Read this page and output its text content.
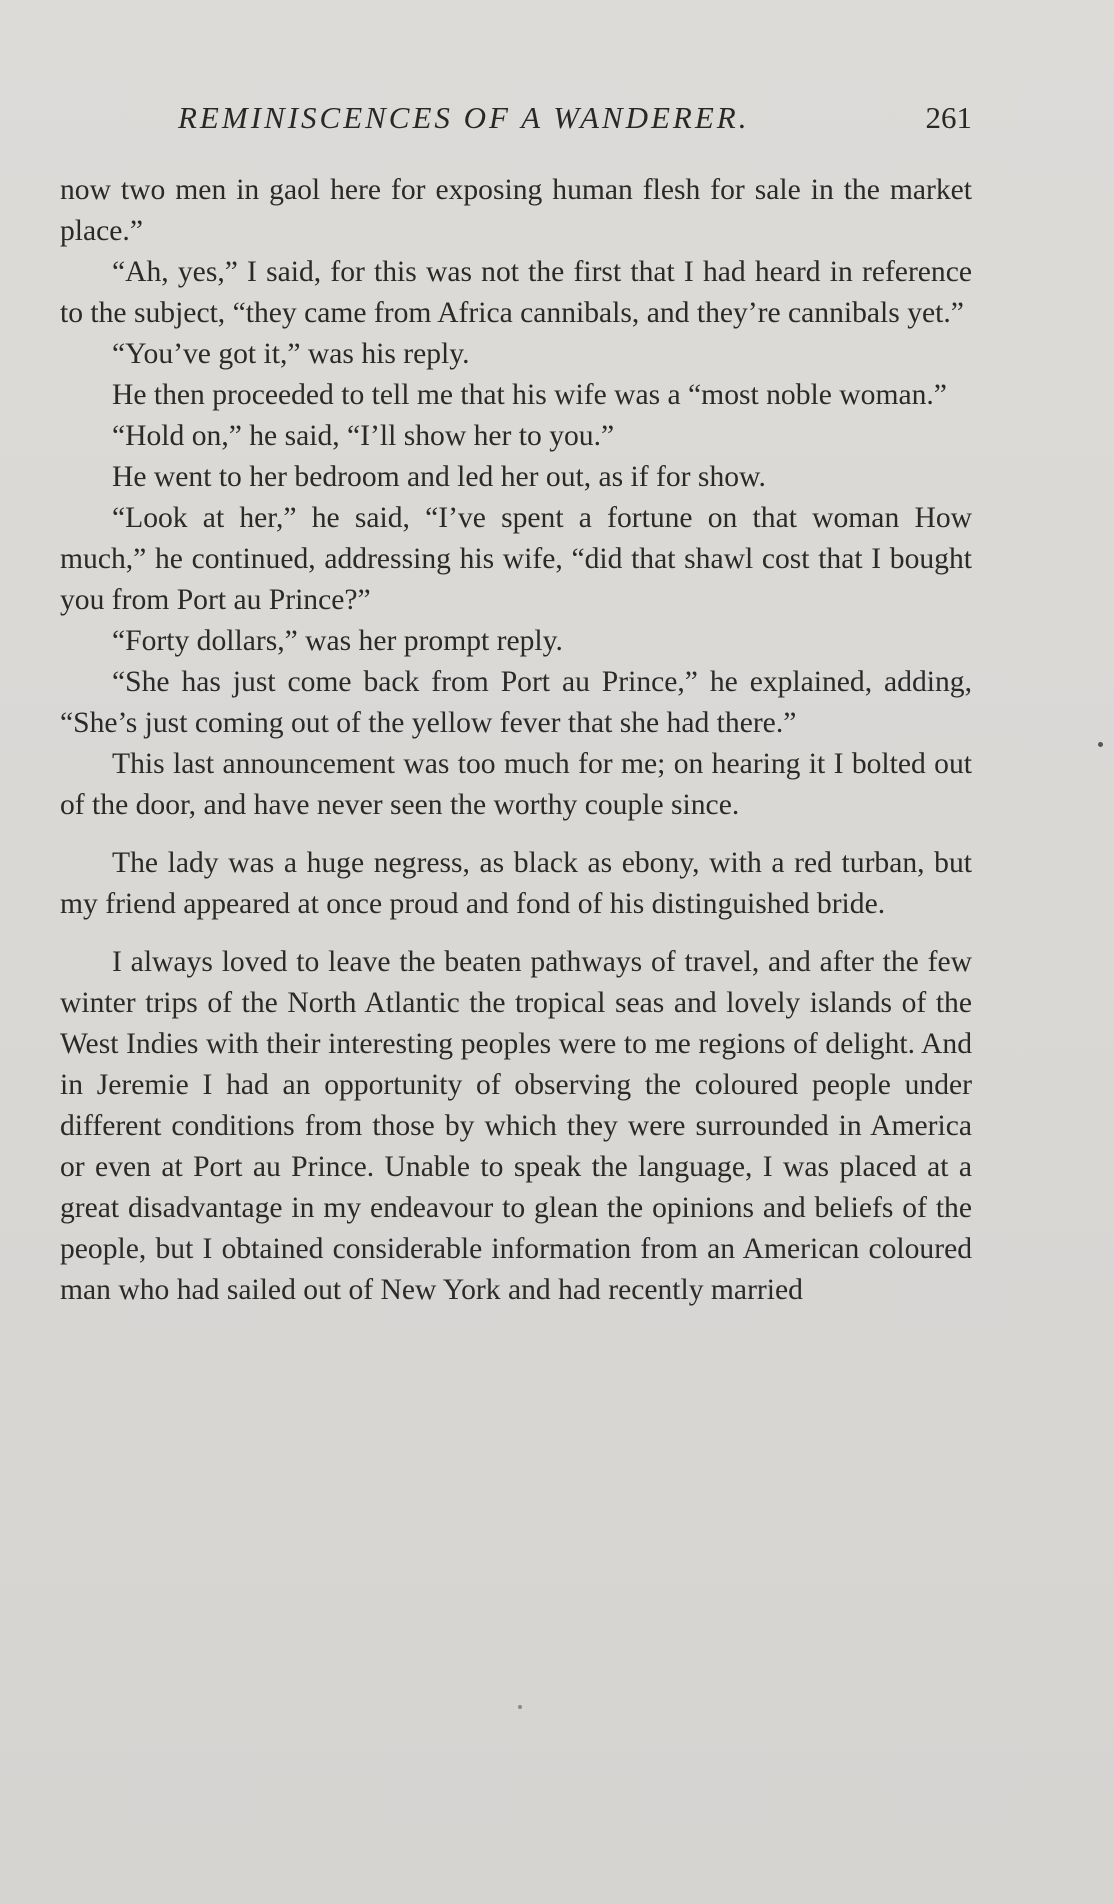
REMINISCENCES OF A WANDERER.	261

now two men in gaol here for exposing human flesh for sale in the market place.”

“Ah, yes,” I said, for this was not the first that I had heard in reference to the subject, “they came from Africa cannibals, and they’re cannibals yet.”

“You’ve got it,” was his reply.

He then proceeded to tell me that his wife was a “most noble woman.”

“Hold on,” he said, “I’ll show her to you.”

He went to her bedroom and led her out, as if for show.

“Look at her,” he said, “I’ve spent a fortune on that woman How much,” he continued, addressing his wife, “did that shawl cost that I bought you from Port au Prince?”

“Forty dollars,” was her prompt reply.

“She has just come back from Port au Prince,” he explained, adding, “She’s just coming out of the yellow fever that she had there.”

This last announcement was too much for me; on hearing it I bolted out of the door, and have never seen the worthy couple since.

The lady was a huge negress, as black as ebony, with a red turban, but my friend appeared at once proud and fond of his distinguished bride.

I always loved to leave the beaten pathways of travel, and after the few winter trips of the North Atlantic the tropical seas and lovely islands of the West Indies with their interesting peoples were to me regions of delight. And in Jeremie I had an opportunity of observing the coloured people under different conditions from those by which they were surrounded in America or even at Port au Prince. Unable to speak the language, I was placed at a great disadvantage in my endeavour to glean the opinions and beliefs of the people, but I obtained considerable information from an American coloured man who had sailed out of New York and had recently married
